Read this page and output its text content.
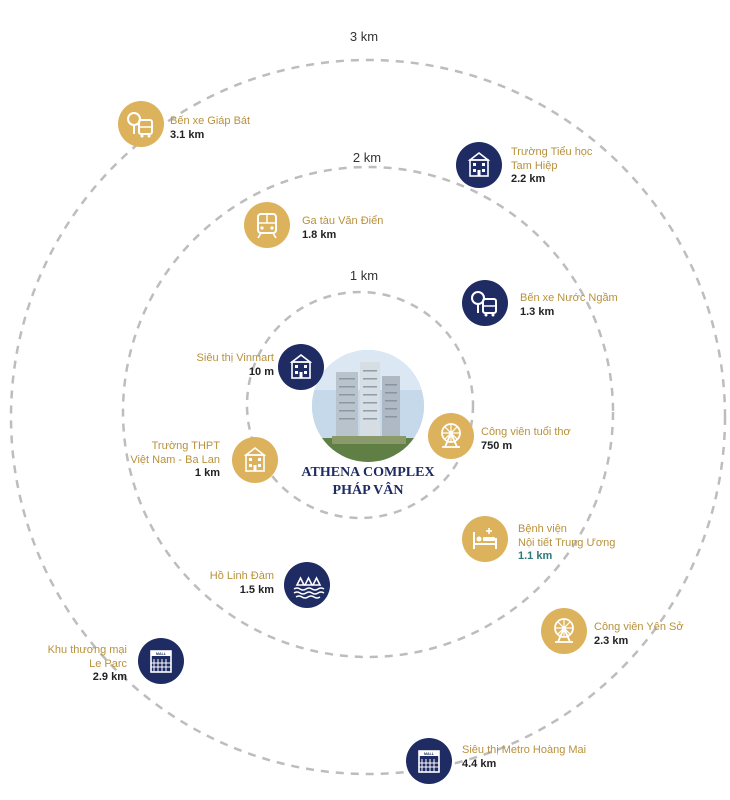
1 km
2 km
3 km
ATHENA COMPLEX
PHÁP VÂN
Bến xe Giáp Bát
3.1 km
Trường Tiểu học
Tam Hiệp
2.2 km
Ga tàu Văn Điển
1.8 km
Bến xe Nước Ngầm
1.3 km
Siêu thị Vinmart
10 m
Công viên tuổi thơ
750 m
Trường THPT
Việt Nam - Ba Lan
1 km
Bệnh viện
Nội tiết Trung Ương
1.1 km
Hồ Linh Đàm
1.5 km
Công viên Yên Sở
2.3 km
MALL
Khu thương mại
Le Parc
2.9 km
MALL	Siêu thị Metro Hoàng Mai
4.4 km
